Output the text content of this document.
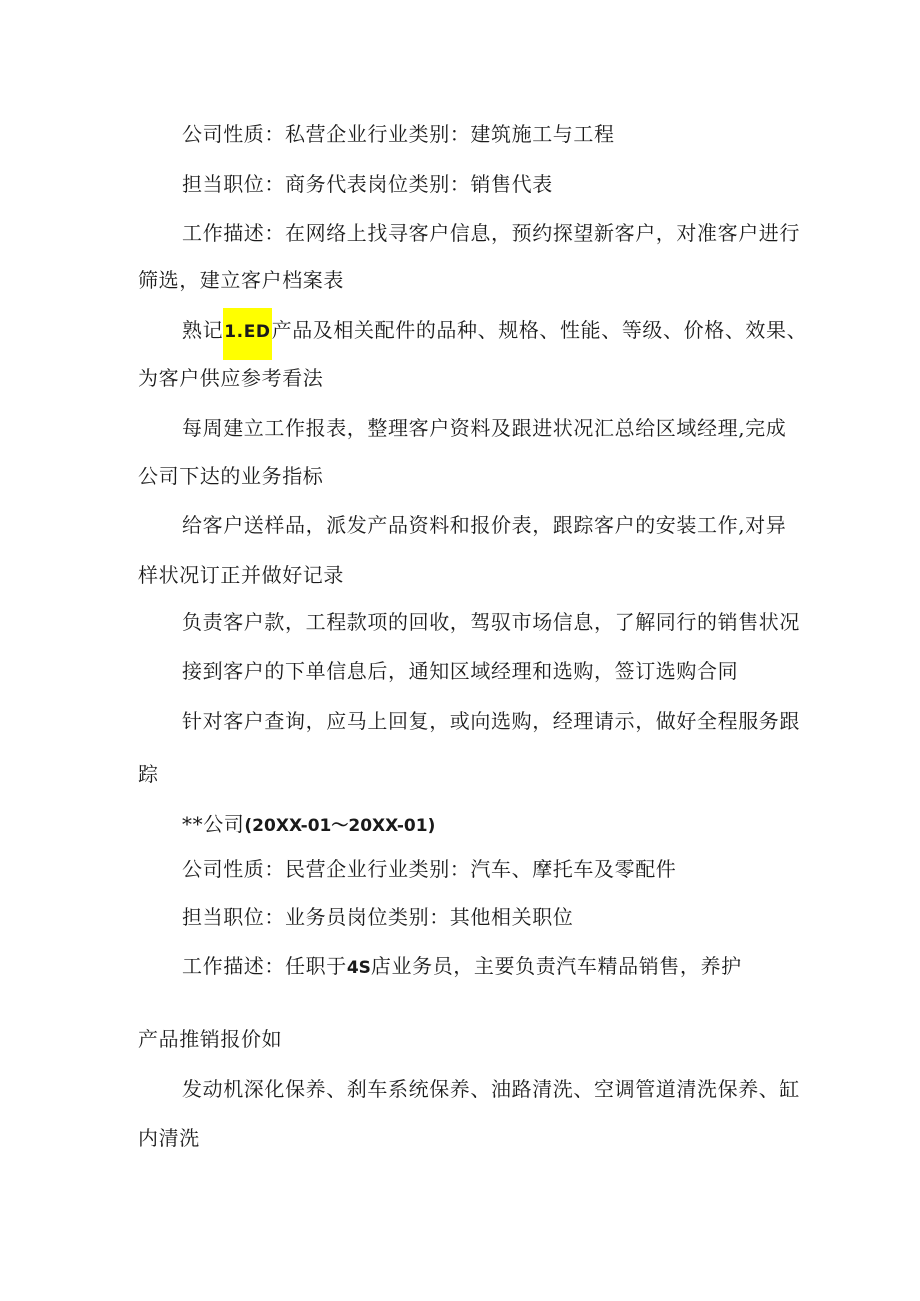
公司性质：私营企业行业类别：建筑施工与工程
担当职位：商务代表岗位类别：销售代表
工作描述：在网络上找寻客户信息，预约探望新客户，对准客户进行
筛选，建立客户档案表
熟记1.ED产品及相关配件的品种、规格、性能、等级、价格、效果、
为客户供应参考看法
每周建立工作报表，整理客户资料及跟进状况汇总给区域经理,完成
公司下达的业务指标
给客户送样品，派发产品资料和报价表，跟踪客户的安装工作,对异
样状况订正并做好记录
负责客户款，工程款项的回收，驾驭市场信息，了解同行的销售状况
接到客户的下单信息后，通知区域经理和选购，签订选购合同
针对客户查询，应马上回复，或向选购，经理请示，做好全程服务跟
踪
**公司(20XX-01〜20XX-01)
公司性质：民营企业行业类别：汽车、摩托车及零配件
担当职位：业务员岗位类别：其他相关职位
工作描述：任职于4S店业务员，主要负责汽车精品销售，养护
产品推销报价如
发动机深化保养、刹车系统保养、油路清洗、空调管道清洗保养、缸
内清洗
